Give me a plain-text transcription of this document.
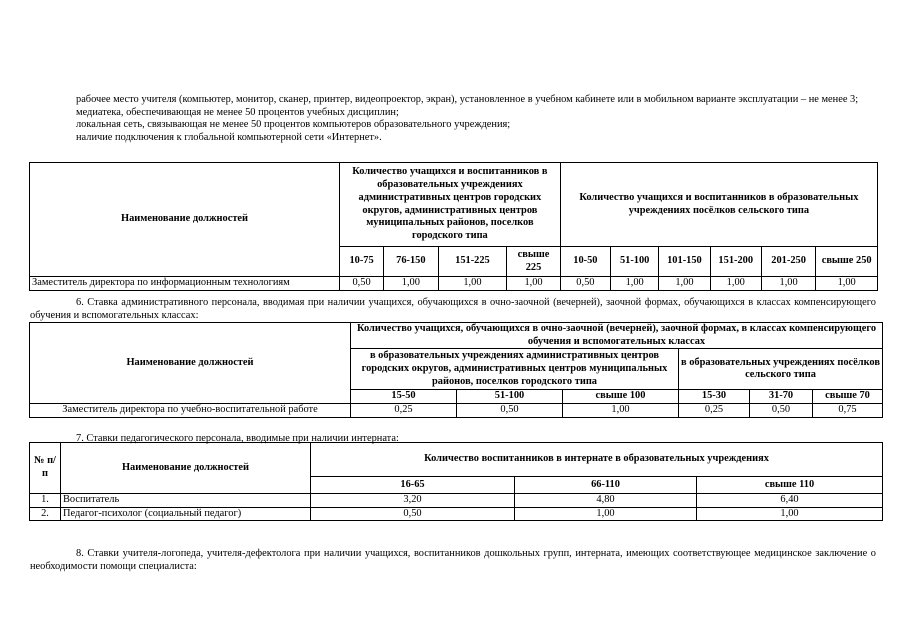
рабочее место учителя (компьютер, монитор, сканер, принтер, видеопроектор, экран), установленное в учебном кабинете или в мобильном варианте эксплуатации – не менее 3;

медиатека, обеспечивающая не менее 50 процентов учебных дисциплин;

локальная сеть, связывающая не менее 50 процентов компьютеров образовательного учреждения;

наличие подключения к глобальной компьютерной сети «Интернет».

Наименование должностей	Количество учащихся и воспитанников в образовательных учреждениях административных центров городских округов, административных центров муниципальных районов, поселков городского типа				Количество учащихся и воспитанников в образовательных учреждениях посёлков сельского типа					
	10-75	76-150	151-225	свыше 225	10-50	51-100	101-150	151-200	201-250	свыше 250
Заместитель директора по информационным технологиям	0,50	1,00	1,00	1,00	0,50	1,00	1,00	1,00	1,00	1,00

6. Ставка административного персонала, вводимая при наличии учащихся, обучающихся в очно-заочной (вечерней), заочной формах, обучающихся в классах компенсирующего обучения и вспомогательных классах:

Наименование должностей	Количество учащихся, обучающихся в очно-заочной (вечерней), заочной формах, в классах компенсирующего обучения и вспомогательных классах					
	в образовательных учреждениях административных центров городских округов, административных центров муниципальных районов, поселков городского типа			в образовательных учреждениях посёлков сельского типа		
	15-50	51-100	свыше 100	15-30	31-70	свыше 70
Заместитель директора по учебно-воспитательной работе	0,25	0,50	1,00	0,25	0,50	0,75

7. Ставки педагогического персонала, вводимые при наличии интерната:

№ п/п	Наименование должностей	Количество воспитанников в интернате в образовательных учреждениях		
		16-65	66-110	свыше 110
1.	Воспитатель	3,20	4,80	6,40
2.	Педагог-психолог (социальный педагог)	0,50	1,00	1,00

8. Ставки учителя-логопеда, учителя-дефектолога при наличии учащихся, воспитанников дошкольных групп, интерната, имеющих соответствующее медицинское заключение о необходимости помощи специалиста:
